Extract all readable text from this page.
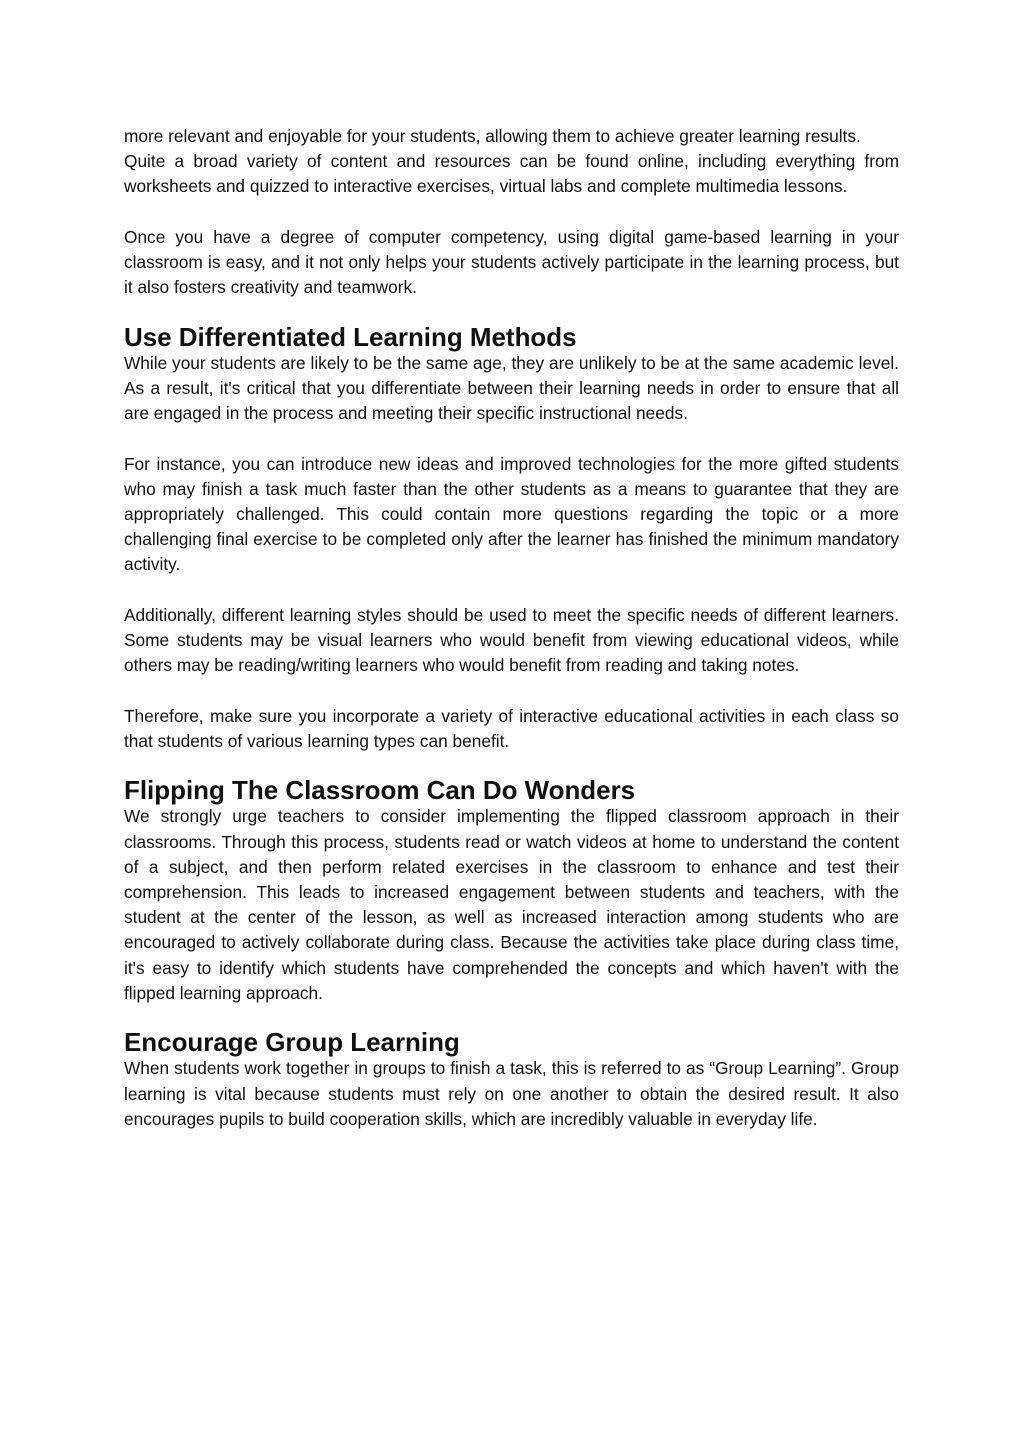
more relevant and enjoyable for your students, allowing them to achieve greater learning results.

Quite a broad variety of content and resources can be found online, including everything from worksheets and quizzed to interactive exercises, virtual labs and complete multimedia lessons.

Once you have a degree of computer competency, using digital game-based learning in your classroom is easy, and it not only helps your students actively participate in the learning process, but it also fosters creativity and teamwork.

Use Differentiated Learning Methods

While your students are likely to be the same age, they are unlikely to be at the same academic level. As a result, it's critical that you differentiate between their learning needs in order to ensure that all are engaged in the process and meeting their specific instructional needs.

For instance, you can introduce new ideas and improved technologies for the more gifted students who may finish a task much faster than the other students as a means to guarantee that they are appropriately challenged. This could contain more questions regarding the topic or a more challenging final exercise to be completed only after the learner has finished the minimum mandatory activity.

Additionally, different learning styles should be used to meet the specific needs of different learners. Some students may be visual learners who would benefit from viewing educational videos, while others may be reading/writing learners who would benefit from reading and taking notes.

Therefore, make sure you incorporate a variety of interactive educational activities in each class so that students of various learning types can benefit.

Flipping The Classroom Can Do Wonders

We strongly urge teachers to consider implementing the flipped classroom approach in their classrooms. Through this process, students read or watch videos at home to understand the content of a subject, and then perform related exercises in the classroom to enhance and test their comprehension. This leads to increased engagement between students and teachers, with the student at the center of the lesson, as well as increased interaction among students who are encouraged to actively collaborate during class. Because the activities take place during class time, it's easy to identify which students have comprehended the concepts and which haven't with the flipped learning approach.

Encourage Group Learning

When students work together in groups to finish a task, this is referred to as “Group Learning”. Group learning is vital because students must rely on one another to obtain the desired result. It also encourages pupils to build cooperation skills, which are incredibly valuable in everyday life.
